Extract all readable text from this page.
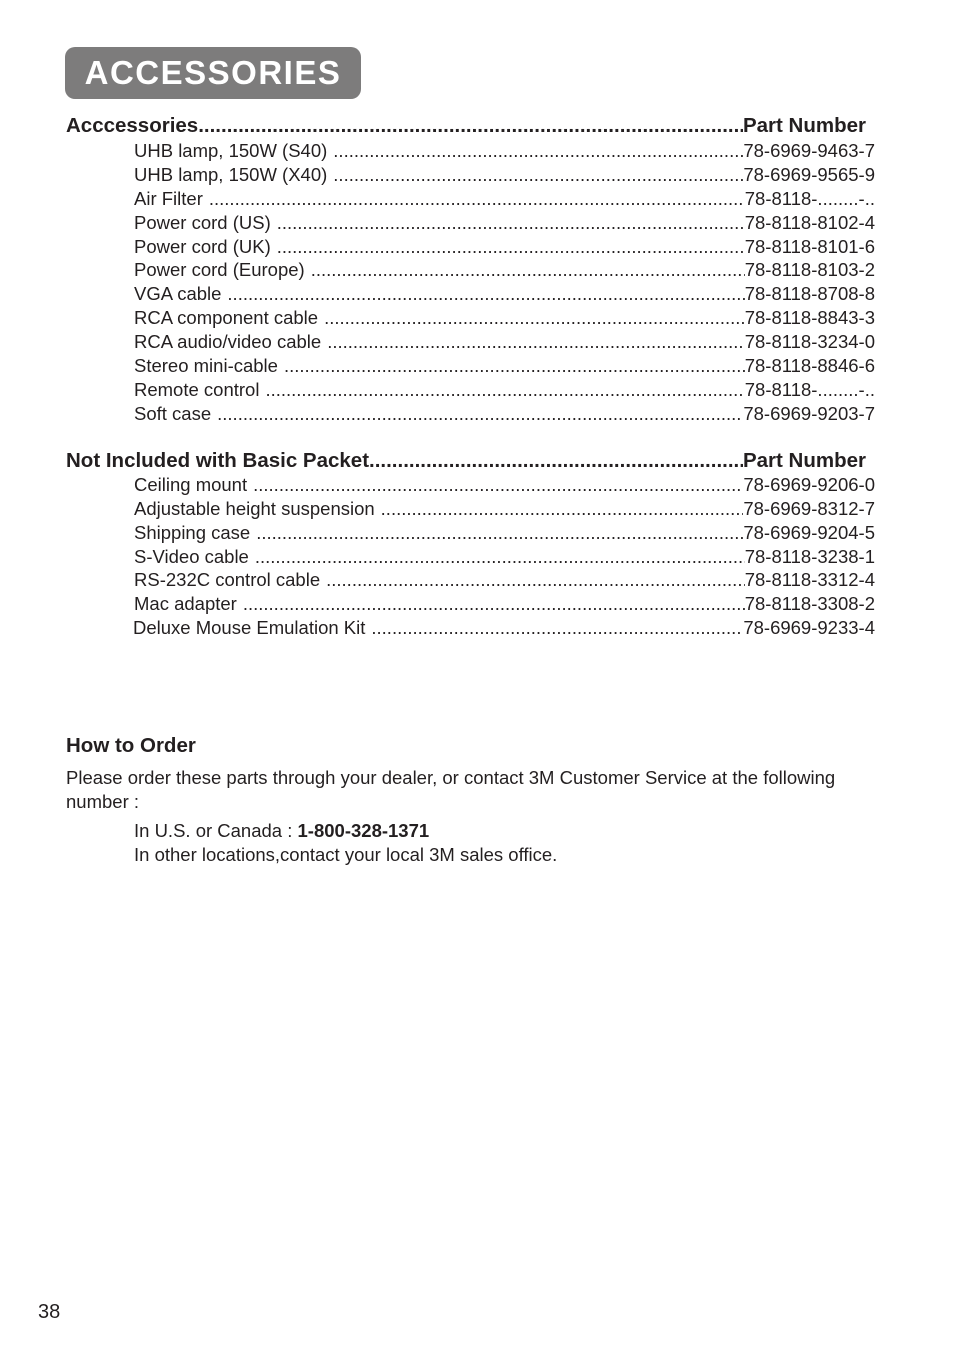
ACCESSORIES
Acccessories .....	Part Number
UHB lamp, 150W (S40) .....	78-6969-9463-7
UHB lamp, 150W (X40) .....	78-6969-9565-9
Air Filter .....	78-8118-........-..
Power cord (US) .....	78-8118-8102-4
Power cord (UK) .....	78-8118-8101-6
Power cord (Europe) .....	78-8118-8103-2
VGA cable .....	78-8118-8708-8
RCA component cable .....	78-8118-8843-3
RCA audio/video cable .....	78-8118-3234-0
Stereo mini-cable .....	78-8118-8846-6
Remote control .....	78-8118-........-..
Soft case .....	78-6969-9203-7
Not Included with Basic Packet .....	Part Number
Ceiling mount .....	78-6969-9206-0
Adjustable height suspension .....	78-6969-8312-7
Shipping case .....	78-6969-9204-5
S-Video cable .....	78-8118-3238-1
RS-232C control cable .....	78-8118-3312-4
Mac adapter .....	78-8118-3308-2
Deluxe Mouse Emulation Kit .....	78-6969-9233-4
How to Order
Please order these parts through your dealer, or contact 3M Customer Service at the following number :
In U.S. or Canada : 1-800-328-1371
In other locations,contact your local 3M sales office.
38
